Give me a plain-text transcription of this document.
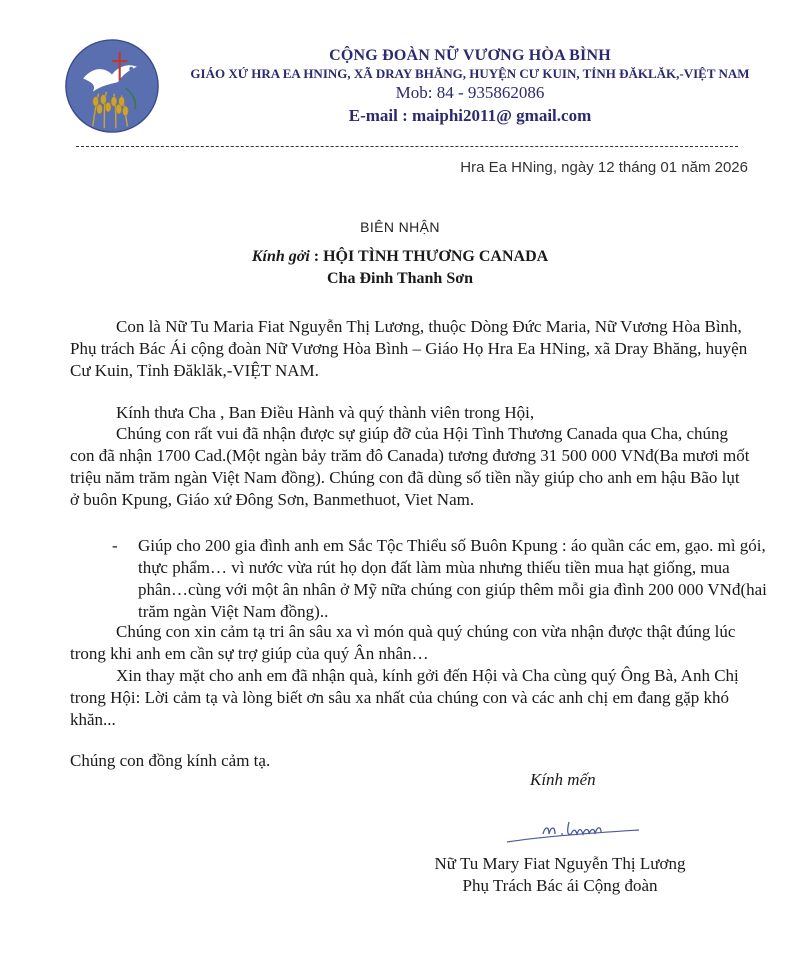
CỘNG ĐOÀN NỮ VƯƠNG HÒA BÌNH
GIÁO XỨ HRA EA HNING, XÃ DRAY BHĂNG, HUYỆN CƯ KUIN, TỈNH ĐĂKLĂK,-VIỆT NAM
Mob: 84 - 935862086
E-mail : maiphi2011@ gmail.com
Hra Ea HNing, ngày 12 tháng 01 năm 2026
BIÊN NHẬN
Kính gởi : HỘI TÌNH THƯƠNG CANADA
Cha Đinh Thanh Sơn
Con là Nữ Tu Maria Fiat Nguyễn Thị Lương, thuộc Dòng Đức Maria, Nữ Vương Hòa Bình, Phụ trách Bác Ái cộng đoàn Nữ Vương Hòa Bình – Giáo Họ Hra Ea HNing, xã Dray Bhăng, huyện Cư Kuin, Tỉnh Đăklăk,-VIỆT NAM.
Kính thưa Cha , Ban Điều Hành và quý thành viên trong Hội,
Chúng con rất vui đã nhận được sự giúp đỡ của Hội Tình Thương Canada qua Cha, chúng con đã nhận 1700 Cad.(Một ngàn bảy trăm đô Canada) tương đương 31 500 000 VNđ(Ba mươi mốt triệu năm trăm ngàn Việt Nam đồng). Chúng con đã dùng số tiền nầy giúp cho anh em hậu Bão lụt ở buôn Kpung, Giáo xứ Đông Sơn, Banmethuot, Viet Nam.
- Giúp cho 200 gia đình anh em Sắc Tộc Thiểu số Buôn Kpung : áo quần các em, gạo. mì gói, thực phẩm… vì nước vừa rút họ dọn đất làm mùa nhưng thiếu tiền mua hạt giống, mua phân…cùng với một ân nhân ở Mỹ nữa chúng con giúp thêm mỗi gia đình 200 000 VNđ(hai trăm ngàn Việt Nam đồng)..
Chúng con xin cảm tạ tri ân sâu xa vì món quà quý chúng con vừa nhận được thật đúng lúc trong khi anh em cần sự trợ giúp của quý Ân nhân…
Xin thay mặt cho anh em đã nhận quà, kính gởi đến Hội và Cha cùng quý Ông Bà, Anh Chị trong Hội: Lời cảm tạ và lòng biết ơn sâu xa nhất của chúng con và các anh chị em đang gặp khó khăn...
Chúng con đồng kính cảm tạ.
Kính mến
Nữ Tu Mary Fiat Nguyễn Thị Lương
Phụ Trách Bác ái Cộng đoàn
